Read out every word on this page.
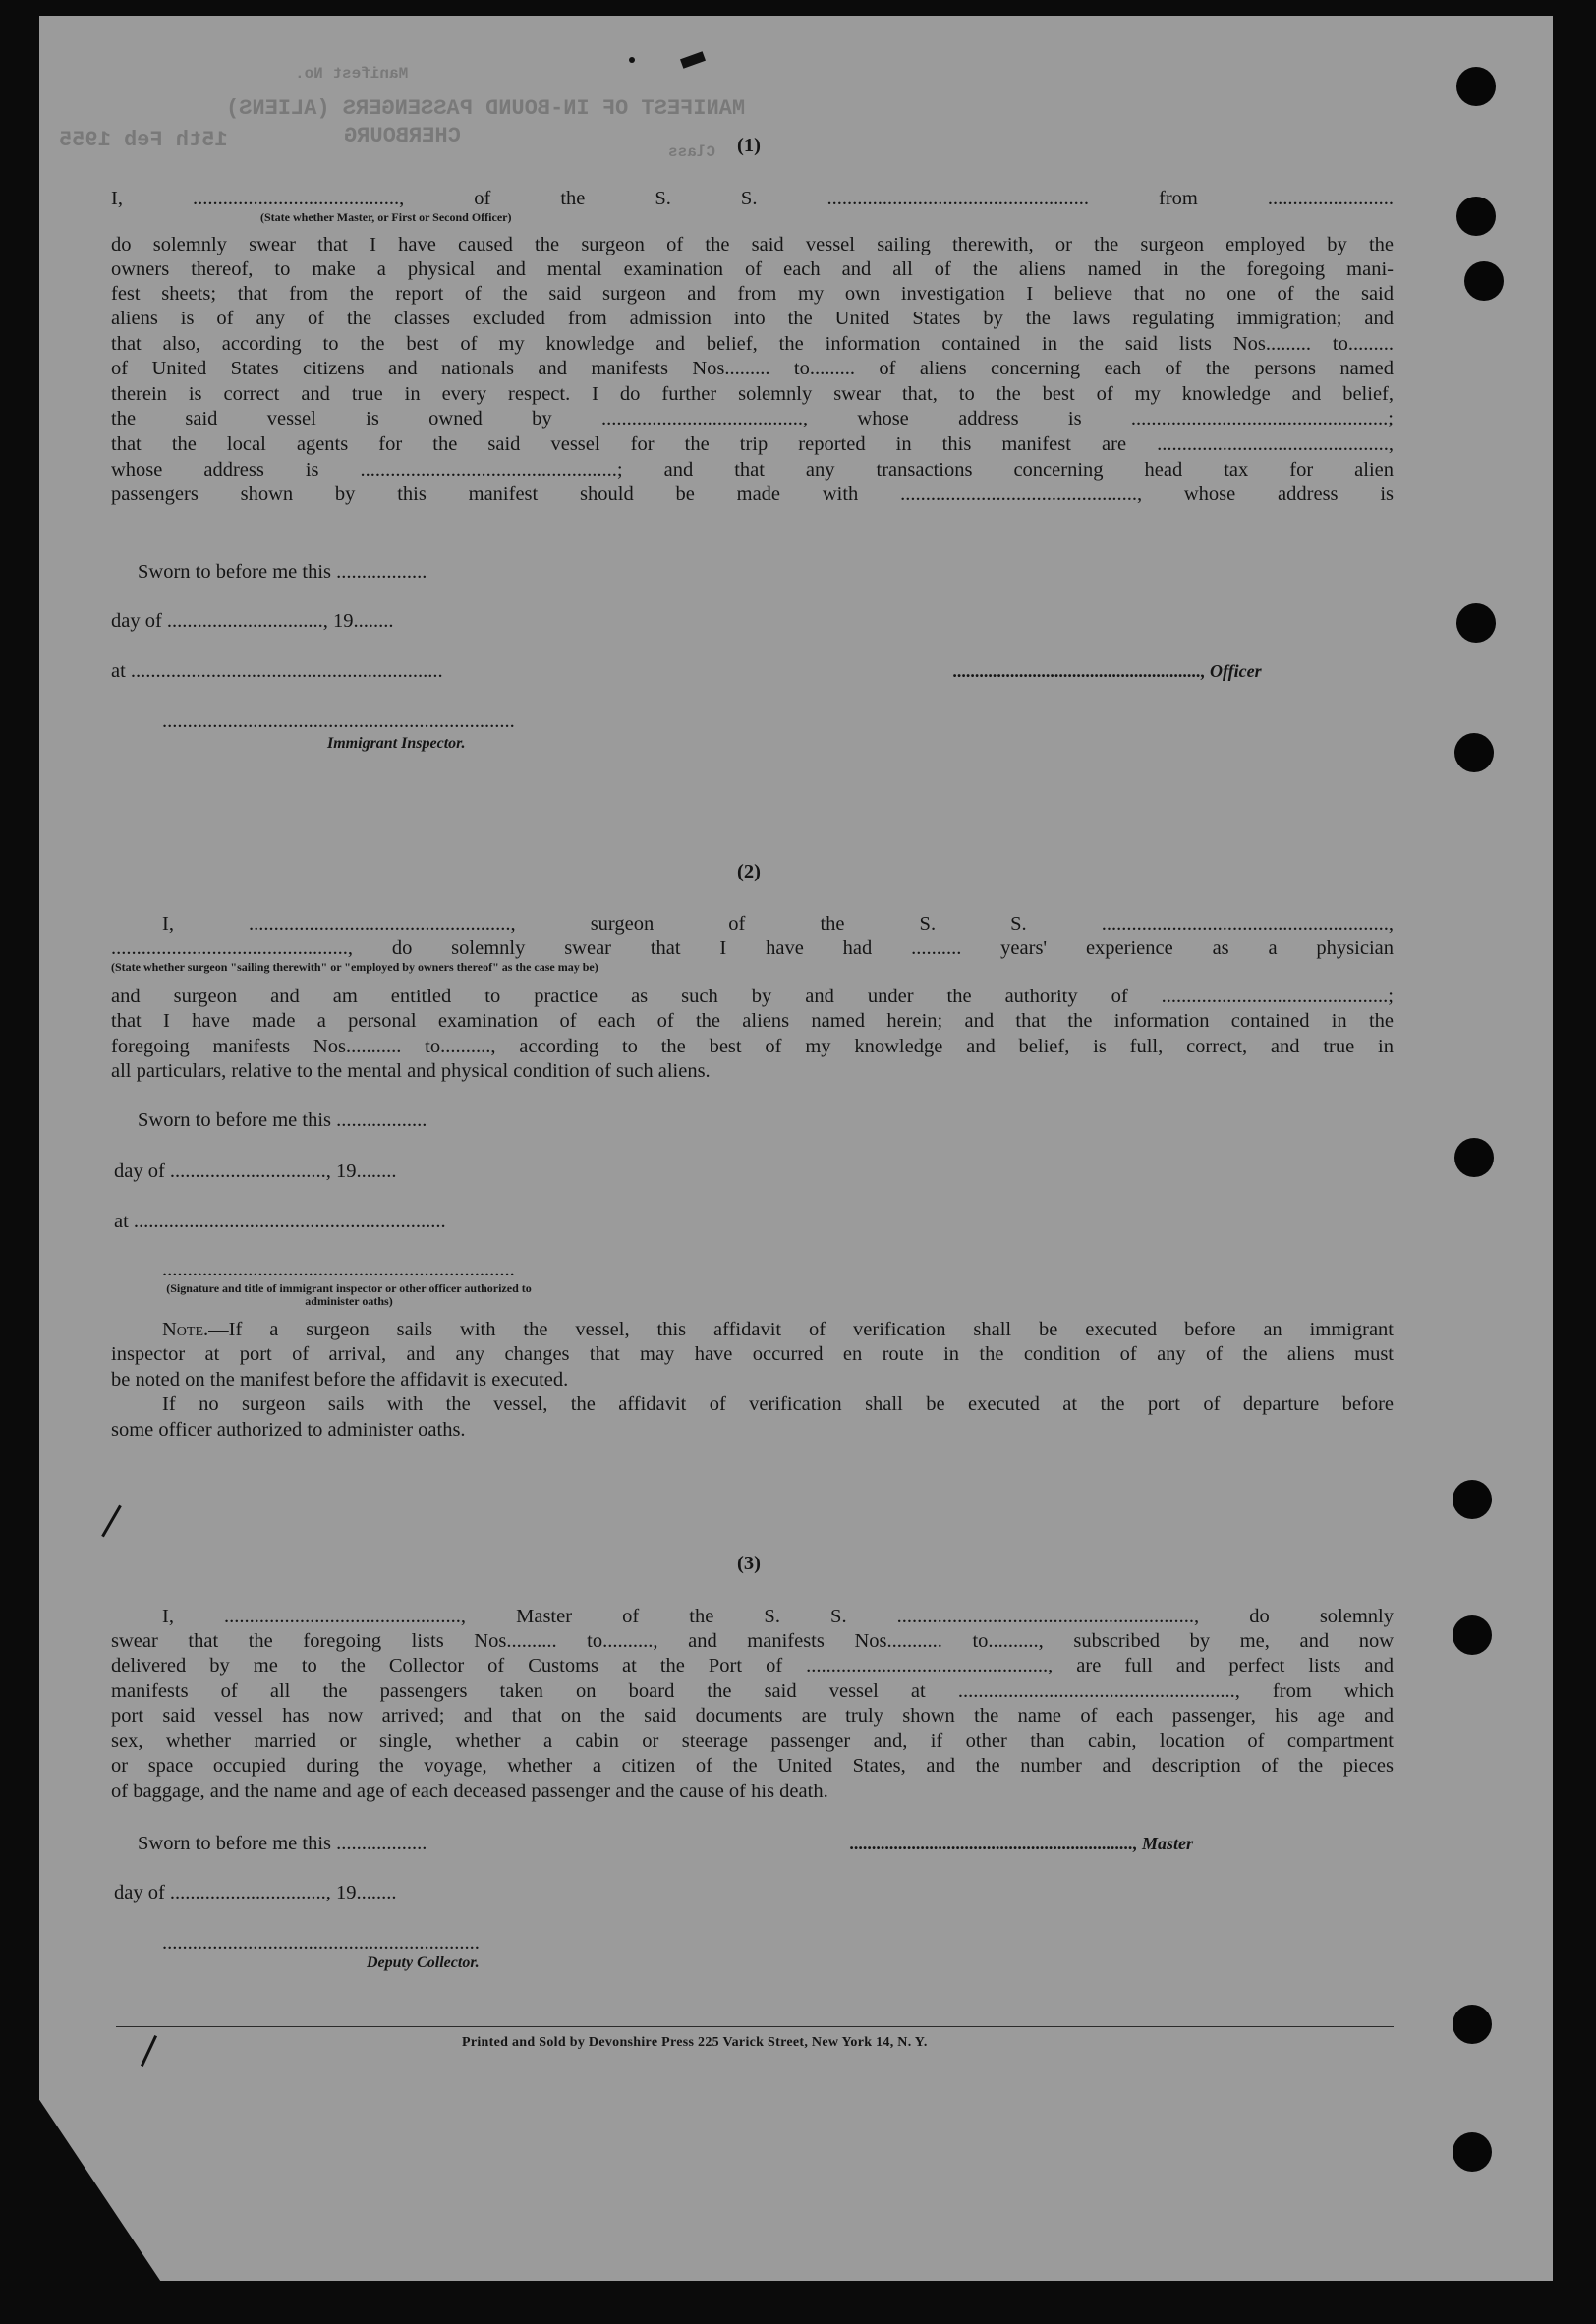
Manifest No.
MANIFEST OF IN-BOUND PASSENGERS (ALIENS)
CHERBOURG
15th Feb 1955	Class (1)
I, ........................................., of the S. S. .................................................... from .........................
(State whether Master, or First or Second Officer)
do solemnly swear that I have caused the surgeon of the said vessel sailing therewith, or the surgeon employed by the
owners thereof, to make a physical and mental examination of each and all of the aliens named in the foregoing mani-
fest sheets; that from the report of the said surgeon and from my own investigation I believe that no one of the said
aliens is of any of the classes excluded from admission into the United States by the laws regulating immigration; and
that also, according to the best of my knowledge and belief, the information contained in the said lists Nos......... to.........
of United States citizens and nationals and manifests Nos......... to......... of aliens concerning each of the persons named
therein is correct and true in every respect. I do further solemnly swear that, to the best of my knowledge and belief,
the said vessel is owned by ........................................, whose address is ...................................................;
that the local agents for the said vessel for the trip reported in this manifest are ..............................................,
whose address is ...................................................; and that any transactions concerning head tax for alien
passengers shown by this manifest should be made with ..............................................., whose address is
Sworn to before me this ..................
day of ..............................., 19........
at ..............................................................	........................................................, Officer
......................................................................
Immigrant Inspector.
(2)
I, ...................................................., surgeon of the S. S. .........................................................,
..............................................., do solemnly swear that I have had .......... years' experience as a physician
(State whether surgeon "sailing therewith" or "employed by owners thereof" as the case may be)
and surgeon and am entitled to practice as such by and under the authority of .............................................;
that I have made a personal examination of each of the aliens named herein; and that the information contained in the
foregoing manifests Nos........... to.........., according to the best of my knowledge and belief, is full, correct, and true in
all particulars, relative to the mental and physical condition of such aliens.
Sworn to before me this ..................
day of ..............................., 19........
at ..............................................................
......................................................................
(Signature and title of immigrant inspector or other officer authorized to administer oaths)
Note.—If a surgeon sails with the vessel, this affidavit of verification shall be executed before an immigrant
inspector at port of arrival, and any changes that may have occurred en route in the condition of any of the aliens must
be noted on the manifest before the affidavit is executed.
If no surgeon sails with the vessel, the affidavit of verification shall be executed at the port of departure before
some officer authorized to administer oaths.
(3)
I, ..............................................., Master of the S. S. ..........................................................., do solemnly
swear that the foregoing lists Nos.......... to.........., and manifests Nos........... to.........., subscribed by me, and now
delivered by me to the Collector of Customs at the Port of ................................................, are full and perfect lists and
manifests of all the passengers taken on board the said vessel at ......................................................., from which
port said vessel has now arrived; and that on the said documents are truly shown the name of each passenger, his age and
sex, whether married or single, whether a cabin or steerage passenger and, if other than cabin, location of compartment
or space occupied during the voyage, whether a citizen of the United States, and the number and description of the pieces
of baggage, and the name and age of each deceased passenger and the cause of his death.
Sworn to before me this ..................	................................................................, Master
day of ..............................., 19........
...............................................................
Deputy Collector.
Printed and Sold by Devonshire Press 225 Varick Street, New York 14, N. Y.
